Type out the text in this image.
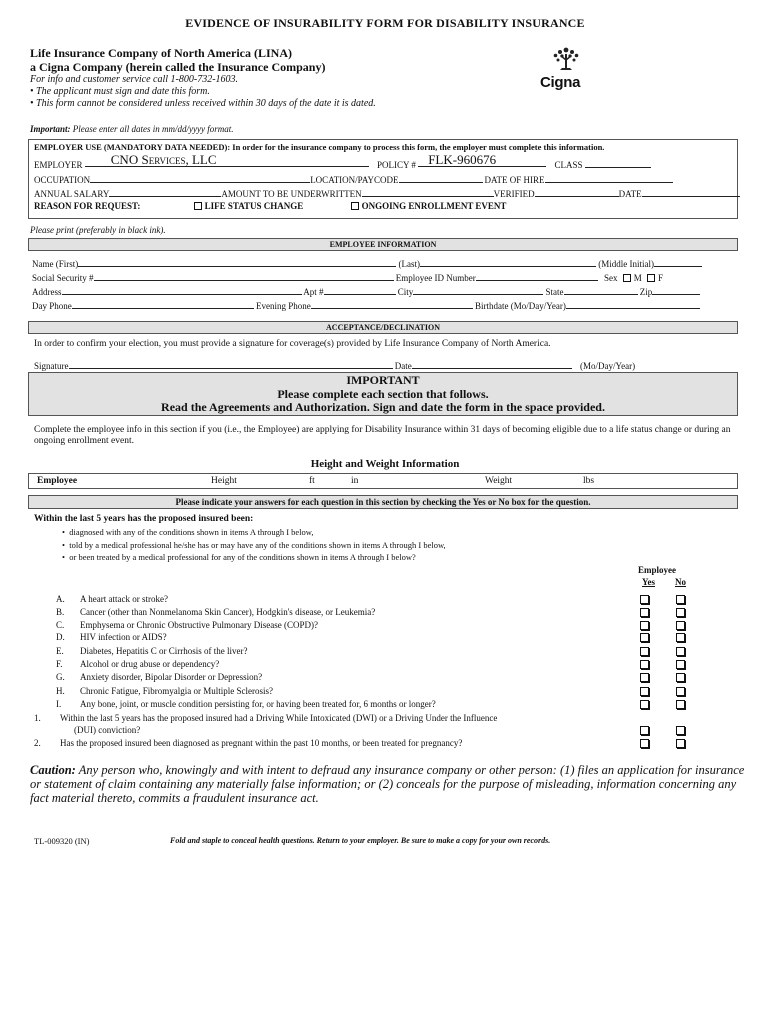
EVIDENCE OF INSURABILITY FORM FOR DISABILITY INSURANCE
Life Insurance Company of North America (LINA)
a Cigna Company (herein called the Insurance Company)
For info and customer service call 1-800-732-1603.
• The applicant must sign and date this form.
• This form cannot be considered unless received within 30 days of the date it is dated.
Cigna
Important: Please enter all dates in mm/dd/yyyy format.
EMPLOYER USE (MANDATORY DATA NEEDED): In order for the insurance company to process this form, the employer must complete this information.
EMPLOYER CNO Services, LLC	POLICY # FLK-960676	CLASS
OCCUPATION	LOCATION/PAYCODE	DATE OF HIRE
ANNUAL SALARY	AMOUNT TO BE UNDERWRITTEN	VERIFIED	DATE
REASON FOR REQUEST:	LIFE STATUS CHANGE	ONGOING ENROLLMENT EVENT
Please print (preferably in black ink).
EMPLOYEE INFORMATION
Name (First)	(Last)	(Middle Initial)
Social Security #	Employee ID Number	Sex M F
Address	Apt #	City	State	Zip
Day Phone	Evening Phone	Birthdate (Mo/Day/Year)
ACCEPTANCE/DECLINATION
In order to confirm your election, you must provide a signature for coverage(s) provided by Life Insurance Company of North America.
Signature	Date	(Mo/Day/Year)
IMPORTANT
Please complete each section that follows.
Read the Agreements and Authorization. Sign and date the form in the space provided.
Complete the employee info in this section if you (i.e., the Employee) are applying for Disability Insurance within 31 days of becoming eligible due to a life status change or during an ongoing enrollment event.
Height and Weight Information
Employee	Height	ft	in	Weight	lbs
Please indicate your answers for each question in this section by checking the Yes or No box for the question.
Within the last 5 years has the proposed insured been:
•  diagnosed with any of the conditions shown in items A through I below,
•  told by a medical professional he/she has or may have any of the conditions shown in items A through I below,
•  or been treated by a medical professional for any of the conditions shown in items A through I below?
Employee
Yes No
A. A heart attack or stroke?
B. Cancer (other than Nonmelanoma Skin Cancer), Hodgkin's disease, or Leukemia?
C. Emphysema or Chronic Obstructive Pulmonary Disease (COPD)?
D. HIV infection or AIDS?
E. Diabetes, Hepatitis C or Cirrhosis of the liver?
F. Alcohol or drug abuse or dependency?
G. Anxiety disorder, Bipolar Disorder or Depression?
H. Chronic Fatigue, Fibromyalgia or Multiple Sclerosis?
I. Any bone, joint, or muscle condition persisting for, or having been treated for, 6 months or longer?
1. Within the last 5 years has the proposed insured had a Driving While Intoxicated (DWI) or a Driving Under the Influence
(DUI) conviction?
2. Has the proposed insured been diagnosed as pregnant within the past 10 months, or been treated for pregnancy?
Caution: Any person who, knowingly and with intent to defraud any insurance company or other person: (1) files an application for insurance or statement of claim containing any materially false information; or (2) conceals for the purpose of misleading, information concerning any fact material thereto, commits a fraudulent insurance act.
TL-009320 (IN)	Fold and staple to conceal health questions. Return to your employer. Be sure to make a copy for your own records.
